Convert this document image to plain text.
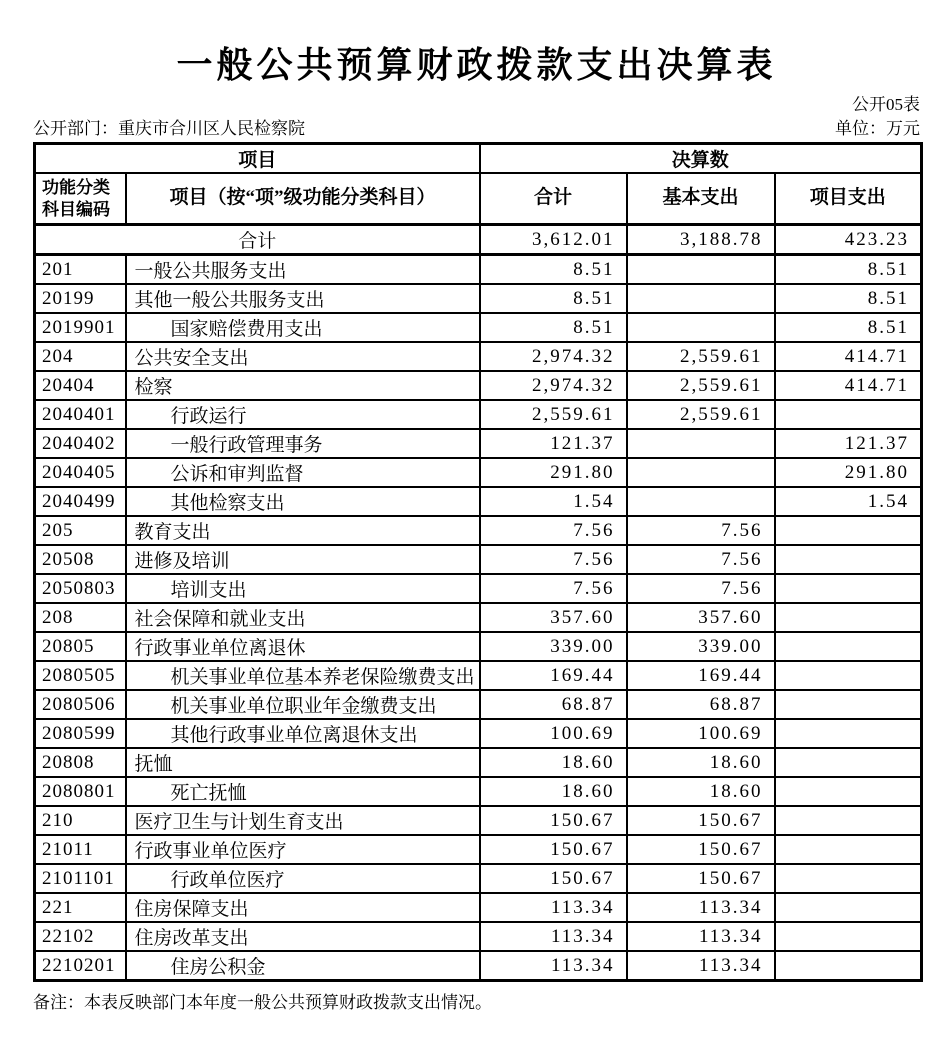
一般公共预算财政拨款支出决算表
公开05表
公开部门：重庆市合川区人民检察院	单位：万元
项目		决算数		
功能分类科目编码	项目（按“项”级功能分类科目）	合计	基本支出	项目支出
合计		3,612.01	3,188.78	423.23
201	一般公共服务支出	8.51		8.51
20199	其他一般公共服务支出	8.51		8.51
2019901	国家赔偿费用支出	8.51		8.51
204	公共安全支出	2,974.32	2,559.61	414.71
20404	检察	2,974.32	2,559.61	414.71
2040401	行政运行	2,559.61	2,559.61	
2040402	一般行政管理事务	121.37		121.37
2040405	公诉和审判监督	291.80		291.80
2040499	其他检察支出	1.54		1.54
205	教育支出	7.56	7.56	
20508	进修及培训	7.56	7.56	
2050803	培训支出	7.56	7.56	
208	社会保障和就业支出	357.60	357.60	
20805	行政事业单位离退休	339.00	339.00	
2080505	机关事业单位基本养老保险缴费支出	169.44	169.44	
2080506	机关事业单位职业年金缴费支出	68.87	68.87	
2080599	其他行政事业单位离退休支出	100.69	100.69	
20808	抚恤	18.60	18.60	
2080801	死亡抚恤	18.60	18.60	
210	医疗卫生与计划生育支出	150.67	150.67	
21011	行政事业单位医疗	150.67	150.67	
2101101	行政单位医疗	150.67	150.67	
221	住房保障支出	113.34	113.34	
22102	住房改革支出	113.34	113.34	
2210201	住房公积金	113.34	113.34	
备注：本表反映部门本年度一般公共预算财政拨款支出情况。
